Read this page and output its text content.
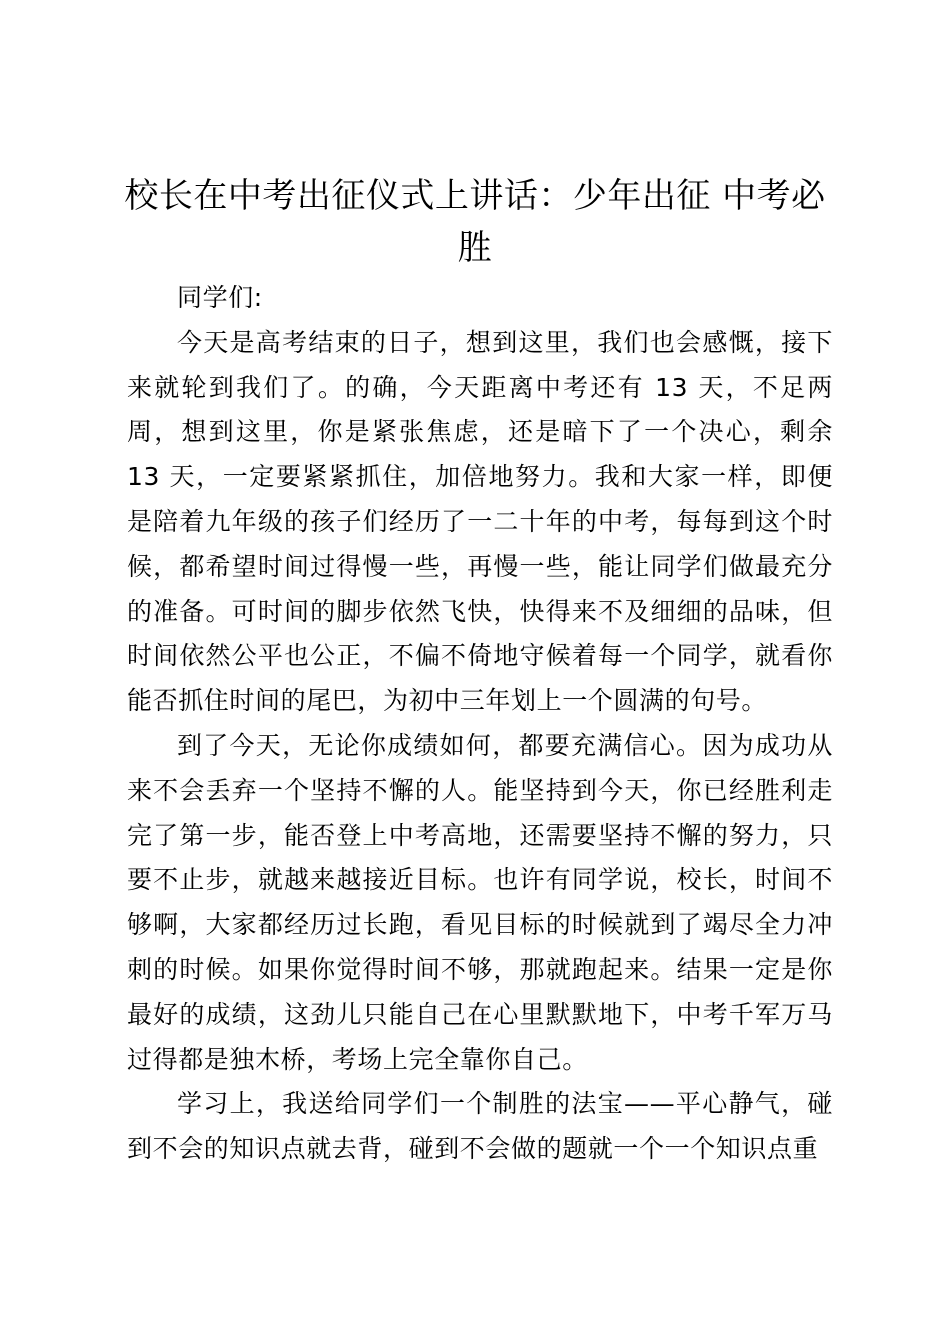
校长在中考出征仪式上讲话：少年出征 中考必胜

同学们:

今天是高考结束的日子，想到这里，我们也会感慨，接下来就轮到我们了。的确，今天距离中考还有 13 天，不足两周，想到这里，你是紧张焦虑，还是暗下了一个决心，剩余 13 天，一定要紧紧抓住，加倍地努力。我和大家一样，即便是陪着九年级的孩子们经历了一二十年的中考，每每到这个时候，都希望时间过得慢一些，再慢一些，能让同学们做最充分的准备。可时间的脚步依然飞快，快得来不及细细的品味，但时间依然公平也公正，不偏不倚地守候着每一个同学，就看你能否抓住时间的尾巴，为初中三年划上一个圆满的句号。

到了今天，无论你成绩如何，都要充满信心。因为成功从来不会丢弃一个坚持不懈的人。能坚持到今天，你已经胜利走完了第一步，能否登上中考高地，还需要坚持不懈的努力，只要不止步，就越来越接近目标。也许有同学说，校长，时间不够啊，大家都经历过长跑，看见目标的时候就到了竭尽全力冲刺的时候。如果你觉得时间不够，那就跑起来。结果一定是你最好的成绩，这劲儿只能自己在心里默默地下，中考千军万马过得都是独木桥，考场上完全靠你自己。

学习上，我送给同学们一个制胜的法宝——平心静气，碰到不会的知识点就去背，碰到不会做的题就一个一个知识点重
